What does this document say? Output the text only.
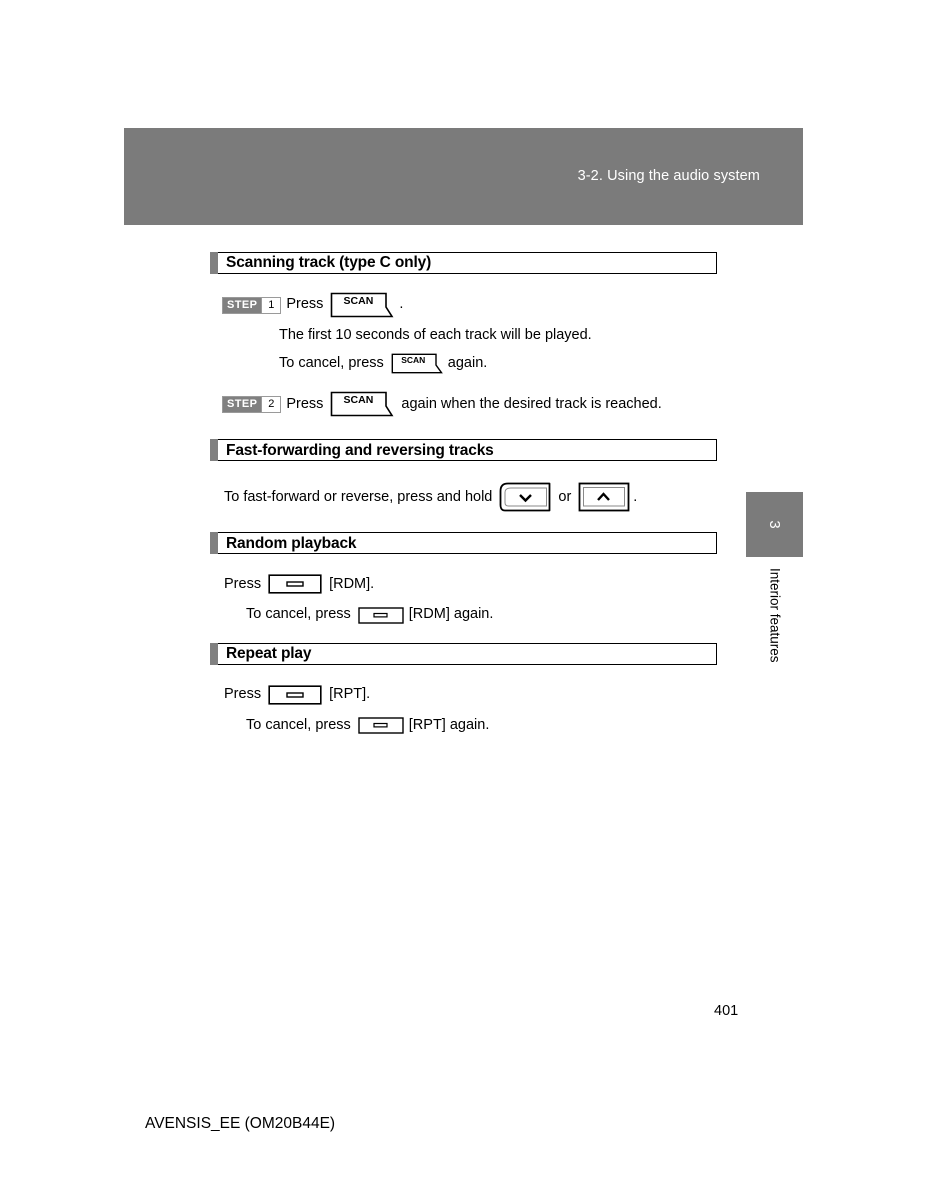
3-2. Using the audio system
Scanning track (type C only)
STEP 1 Press	SCAN	.
The first 10 seconds of each track will be played.
To cancel, press	SCAN	again.
STEP 2 Press	SCAN	again when the desired track is reached.
Fast-forwarding and reversing tracks
To fast-forward or reverse, press and hold	or	.
Random playback
Press	[RDM].
To cancel, press	[RDM] again.
Repeat play
Press	[RPT].
To cancel, press	[RPT] again.
3
Interior features
401
AVENSIS_EE (OM20B44E)
